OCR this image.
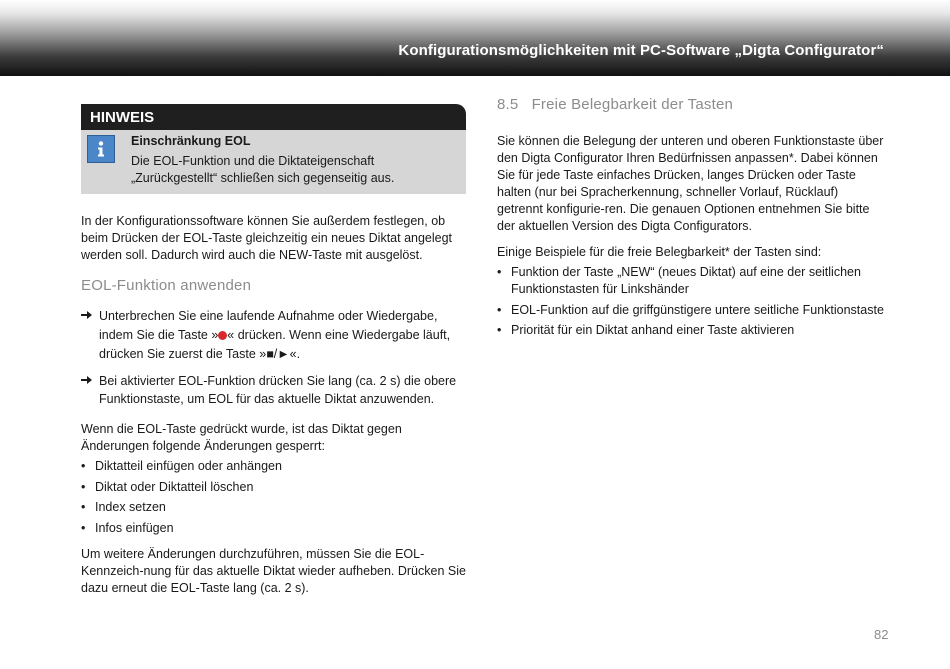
Konfigurationsmöglichkeiten mit PC-Software „Digta Configurator“
HINWEIS
Einschränkung EOL
Die EOL-Funktion und die Diktateigenschaft „Zurückgestellt“ schließen sich gegenseitig aus.

In der Konfigurationssoftware können Sie außerdem festlegen, ob beim Drücken der EOL-Taste gleichzeitig ein neues Diktat angelegt werden soll. Dadurch wird auch die NEW-Taste mit ausgelöst.

EOL-Funktion anwenden
Unterbrechen Sie eine laufende Aufnahme oder Wiedergabe, indem Sie die Taste » « drücken. Wenn eine Wiedergabe läuft, drücken Sie zuerst die Taste »■/►«.
Bei aktivierter EOL-Funktion drücken Sie lang (ca. 2 s) die obere Funktionstaste, um EOL für das aktuelle Diktat anzuwenden.

Wenn die EOL-Taste gedrückt wurde, ist das Diktat gegen Änderungen folgende Änderungen gesperrt:

• Diktatteil einfügen oder anhängen
• Diktat oder Diktatteil löschen
• Index setzen
• Infos einfügen

Um weitere Änderungen durchzuführen, müssen Sie die EOL-Kennzeich-nung für das aktuelle Diktat wieder aufheben. Drücken Sie dazu erneut die EOL-Taste lang (ca. 2 s).

8.5 Freie Belegbarkeit der Tasten

Sie können die Belegung der unteren und oberen Funktionstaste über den Digta Configurator Ihren Bedürfnissen anpassen*. Dabei können Sie für jede Taste einfaches Drücken, langes Drücken oder Taste halten (nur bei Spracherkennung, schneller Vorlauf, Rücklauf) getrennt konfigurie-ren. Die genauen Optionen entnehmen Sie bitte der aktuellen Version des Digta Configurators.

Einige Beispiele für die freie Belegbarkeit* der Tasten sind:

• Funktion der Taste „NEW“ (neues Diktat) auf eine der seitlichen Funktionstasten für Linkshänder
• EOL-Funktion auf die griffgünstigere untere seitliche Funktionstaste
• Priorität für ein Diktat anhand einer Taste aktivieren
82
